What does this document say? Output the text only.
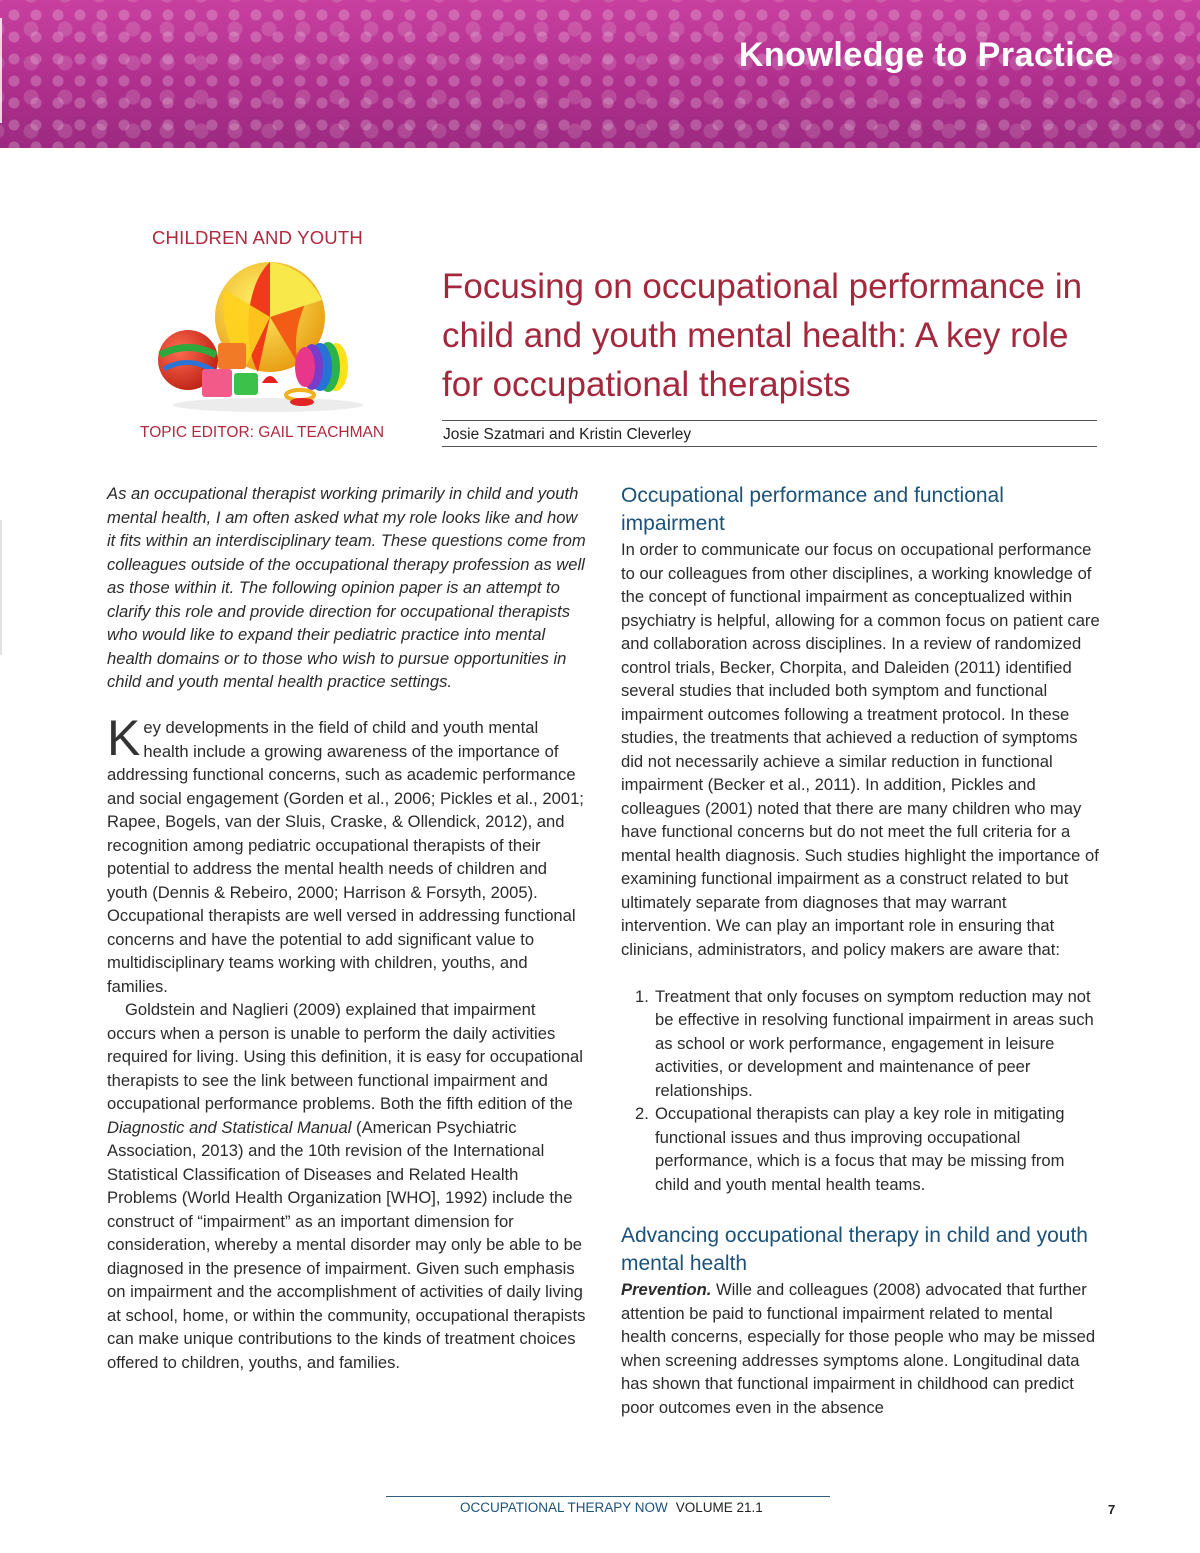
Knowledge to Practice
CHILDREN AND YOUTH
TOPIC EDITOR: GAIL TEACHMAN
Focusing on occupational performance in child and youth mental health: A key role for occupational therapists
Josie Szatmari and Kristin Cleverley

As an occupational therapist working primarily in child and youth mental health, I am often asked what my role looks like and how it fits within an interdisciplinary team. These questions come from colleagues outside of the occupational therapy profession as well as those within it. The following opinion paper is an attempt to clarify this role and provide direction for occupational therapists who would like to expand their pediatric practice into mental health domains or to those who wish to pursue opportunities in child and youth mental health practice settings.

Key developments in the field of child and youth mental health include a growing awareness of the importance of addressing functional concerns, such as academic performance and social engagement (Gorden et al., 2006; Pickles et al., 2001; Rapee, Bogels, van der Sluis, Craske, & Ollendick, 2012), and recognition among pediatric occupational therapists of their potential to address the mental health needs of children and youth (Dennis & Rebeiro, 2000; Harrison & Forsyth, 2005). Occupational therapists are well versed in addressing functional concerns and have the potential to add significant value to multidisciplinary teams working with children, youths, and families.

Goldstein and Naglieri (2009) explained that impairment occurs when a person is unable to perform the daily activities required for living. Using this definition, it is easy for occupational therapists to see the link between functional impairment and occupational performance problems. Both the fifth edition of the Diagnostic and Statistical Manual (American Psychiatric Association, 2013) and the 10th revision of the International Statistical Classification of Diseases and Related Health Problems (World Health Organization [WHO], 1992) include the construct of “impairment” as an important dimension for consideration, whereby a mental disorder may only be able to be diagnosed in the presence of impairment. Given such emphasis on impairment and the accomplishment of activities of daily living at school, home, or within the community, occupational therapists can make unique contributions to the kinds of treatment choices offered to children, youths, and families.

Occupational performance and functional impairment

In order to communicate our focus on occupational performance to our colleagues from other disciplines, a working knowledge of the concept of functional impairment as conceptualized within psychiatry is helpful, allowing for a common focus on patient care and collaboration across disciplines. In a review of randomized control trials, Becker, Chorpita, and Daleiden (2011) identified several studies that included both symptom and functional impairment outcomes following a treatment protocol. In these studies, the treatments that achieved a reduction of symptoms did not necessarily achieve a similar reduction in functional impairment (Becker et al., 2011). In addition, Pickles and colleagues (2001) noted that there are many children who may have functional concerns but do not meet the full criteria for a mental health diagnosis. Such studies highlight the importance of examining functional impairment as a construct related to but ultimately separate from diagnoses that may warrant intervention. We can play an important role in ensuring that clinicians, administrators, and policy makers are aware that:

1. Treatment that only focuses on symptom reduction may not be effective in resolving functional impairment in areas such as school or work performance, engagement in leisure activities, or development and maintenance of peer relationships.
2. Occupational therapists can play a key role in mitigating functional issues and thus improving occupational performance, which is a focus that may be missing from child and youth mental health teams.
Advancing occupational therapy in child and youth mental health

Prevention. Wille and colleagues (2008) advocated that further attention be paid to functional impairment related to mental health concerns, especially for those people who may be missed when screening addresses symptoms alone. Longitudinal data has shown that functional impairment in childhood can predict poor outcomes even in the absence

OCCUPATIONAL THERAPY NOW VOLUME 21.1	7
